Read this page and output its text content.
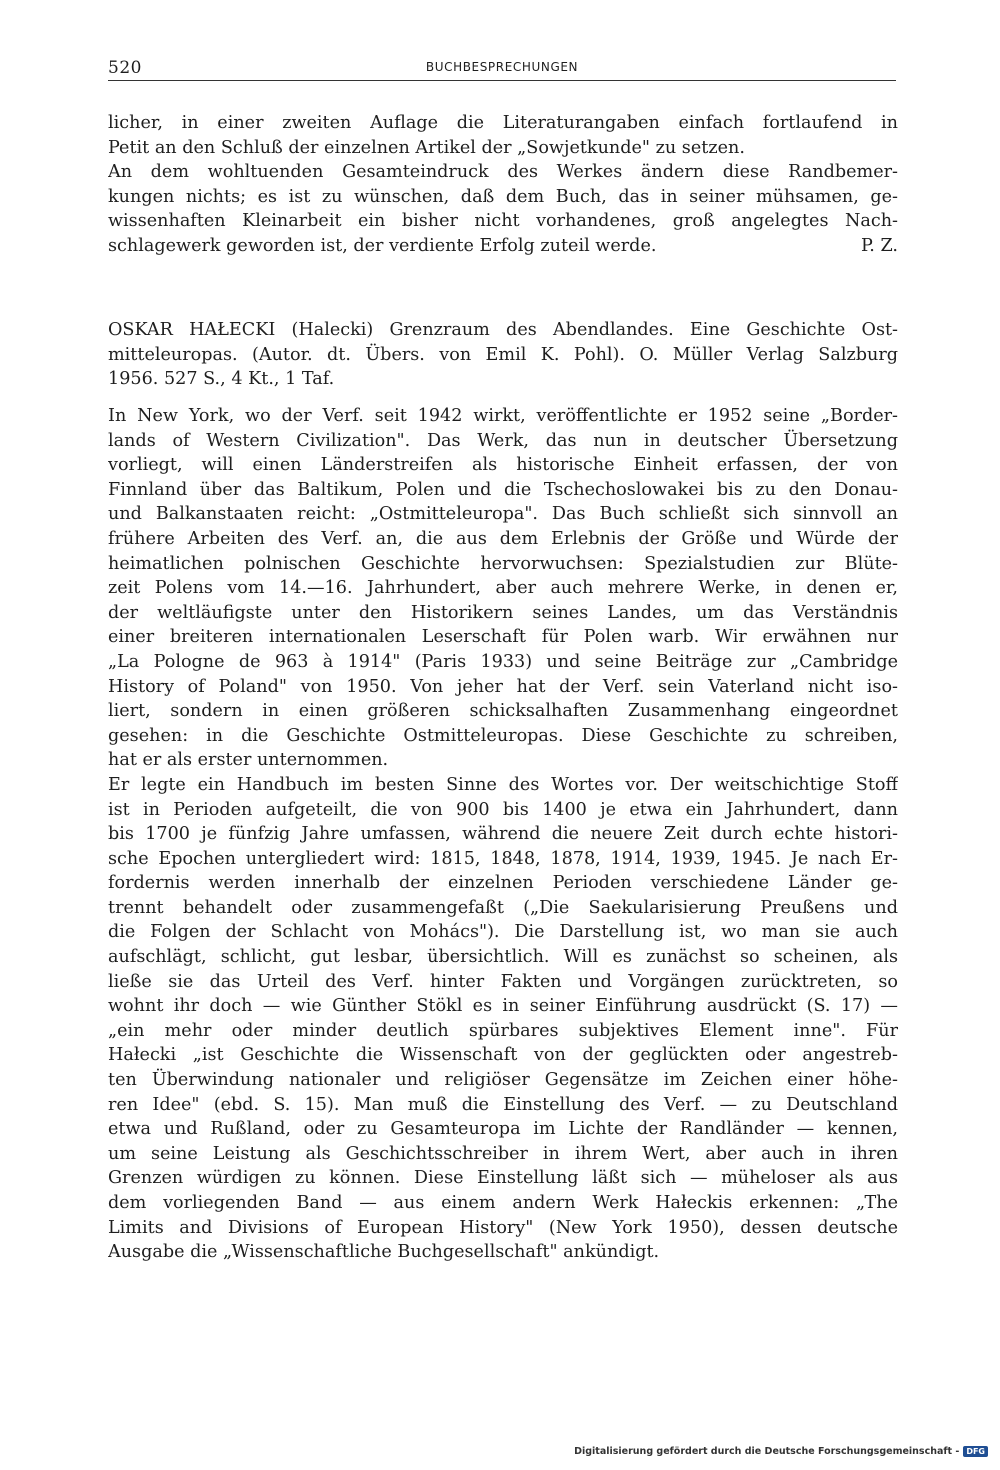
520	BUCHBESPRECHUNGEN
licher, in einer zweiten Auflage die Literaturangaben einfach fortlaufend in
Petit an den Schluß der einzelnen Artikel der „Sowjetkunde" zu setzen.
An dem wohltuenden Gesamteindruck des Werkes ändern diese Randbemer-
kungen nichts; es ist zu wünschen, daß dem Buch, das in seiner mühsamen, ge-
wissenhaften Kleinarbeit ein bisher nicht vorhandenes, groß angelegtes Nach-
schlagewerk geworden ist, der verdiente Erfolg zuteil werde.	P. Z.
OSKAR HAŁECKI (Halecki) Grenzraum des Abendlandes. Eine Geschichte Ost-
mitteleuropas. (Autor. dt. Übers. von Emil K. Pohl). O. Müller Verlag Salzburg
1956. 527 S., 4 Kt., 1 Taf.
In New York, wo der Verf. seit 1942 wirkt, veröffentlichte er 1952 seine „Border-
lands of Western Civilization". Das Werk, das nun in deutscher Übersetzung
vorliegt, will einen Länderstreifen als historische Einheit erfassen, der von
Finnland über das Baltikum, Polen und die Tschechoslowakei bis zu den Donau-
und Balkanstaaten reicht: „Ostmitteleuropa". Das Buch schließt sich sinnvoll an
frühere Arbeiten des Verf. an, die aus dem Erlebnis der Größe und Würde der
heimatlichen polnischen Geschichte hervorwuchsen: Spezialstudien zur Blüte-
zeit Polens vom 14.—16. Jahrhundert, aber auch mehrere Werke, in denen er,
der weltläufigste unter den Historikern seines Landes, um das Verständnis
einer breiteren internationalen Leserschaft für Polen warb. Wir erwähnen nur
„La Pologne de 963 à 1914" (Paris 1933) und seine Beiträge zur „Cambridge
History of Poland" von 1950. Von jeher hat der Verf. sein Vaterland nicht iso-
liert, sondern in einen größeren schicksalhaften Zusammenhang eingeordnet
gesehen: in die Geschichte Ostmitteleuropas. Diese Geschichte zu schreiben,
hat er als erster unternommen.
Er legte ein Handbuch im besten Sinne des Wortes vor. Der weitschichtige Stoff
ist in Perioden aufgeteilt, die von 900 bis 1400 je etwa ein Jahrhundert, dann
bis 1700 je fünfzig Jahre umfassen, während die neuere Zeit durch echte histori-
sche Epochen untergliedert wird: 1815, 1848, 1878, 1914, 1939, 1945. Je nach Er-
fordernis werden innerhalb der einzelnen Perioden verschiedene Länder ge-
trennt behandelt oder zusammengefaßt („Die Saekularisierung Preußens und
die Folgen der Schlacht von Mohács"). Die Darstellung ist, wo man sie auch
aufschlägt, schlicht, gut lesbar, übersichtlich. Will es zunächst so scheinen, als
ließe sie das Urteil des Verf. hinter Fakten und Vorgängen zurücktreten, so
wohnt ihr doch — wie Günther Stökl es in seiner Einführung ausdrückt (S. 17) —
„ein mehr oder minder deutlich spürbares subjektives Element inne". Für
Hałecki „ist Geschichte die Wissenschaft von der geglückten oder angestreb-
ten Überwindung nationaler und religiöser Gegensätze im Zeichen einer höhe-
ren Idee" (ebd. S. 15). Man muß die Einstellung des Verf. — zu Deutschland
etwa und Rußland, oder zu Gesamteuropa im Lichte der Randländer — kennen,
um seine Leistung als Geschichtsschreiber in ihrem Wert, aber auch in ihren
Grenzen würdigen zu können. Diese Einstellung läßt sich — müheloser als aus
dem vorliegenden Band — aus einem andern Werk Hałeckis erkennen: „The
Limits and Divisions of European History" (New York 1950), dessen deutsche
Ausgabe die „Wissenschaftliche Buchgesellschaft" ankündigt.
Digitalisierung gefördert durch die Deutsche Forschungsgemeinschaft - DFG
